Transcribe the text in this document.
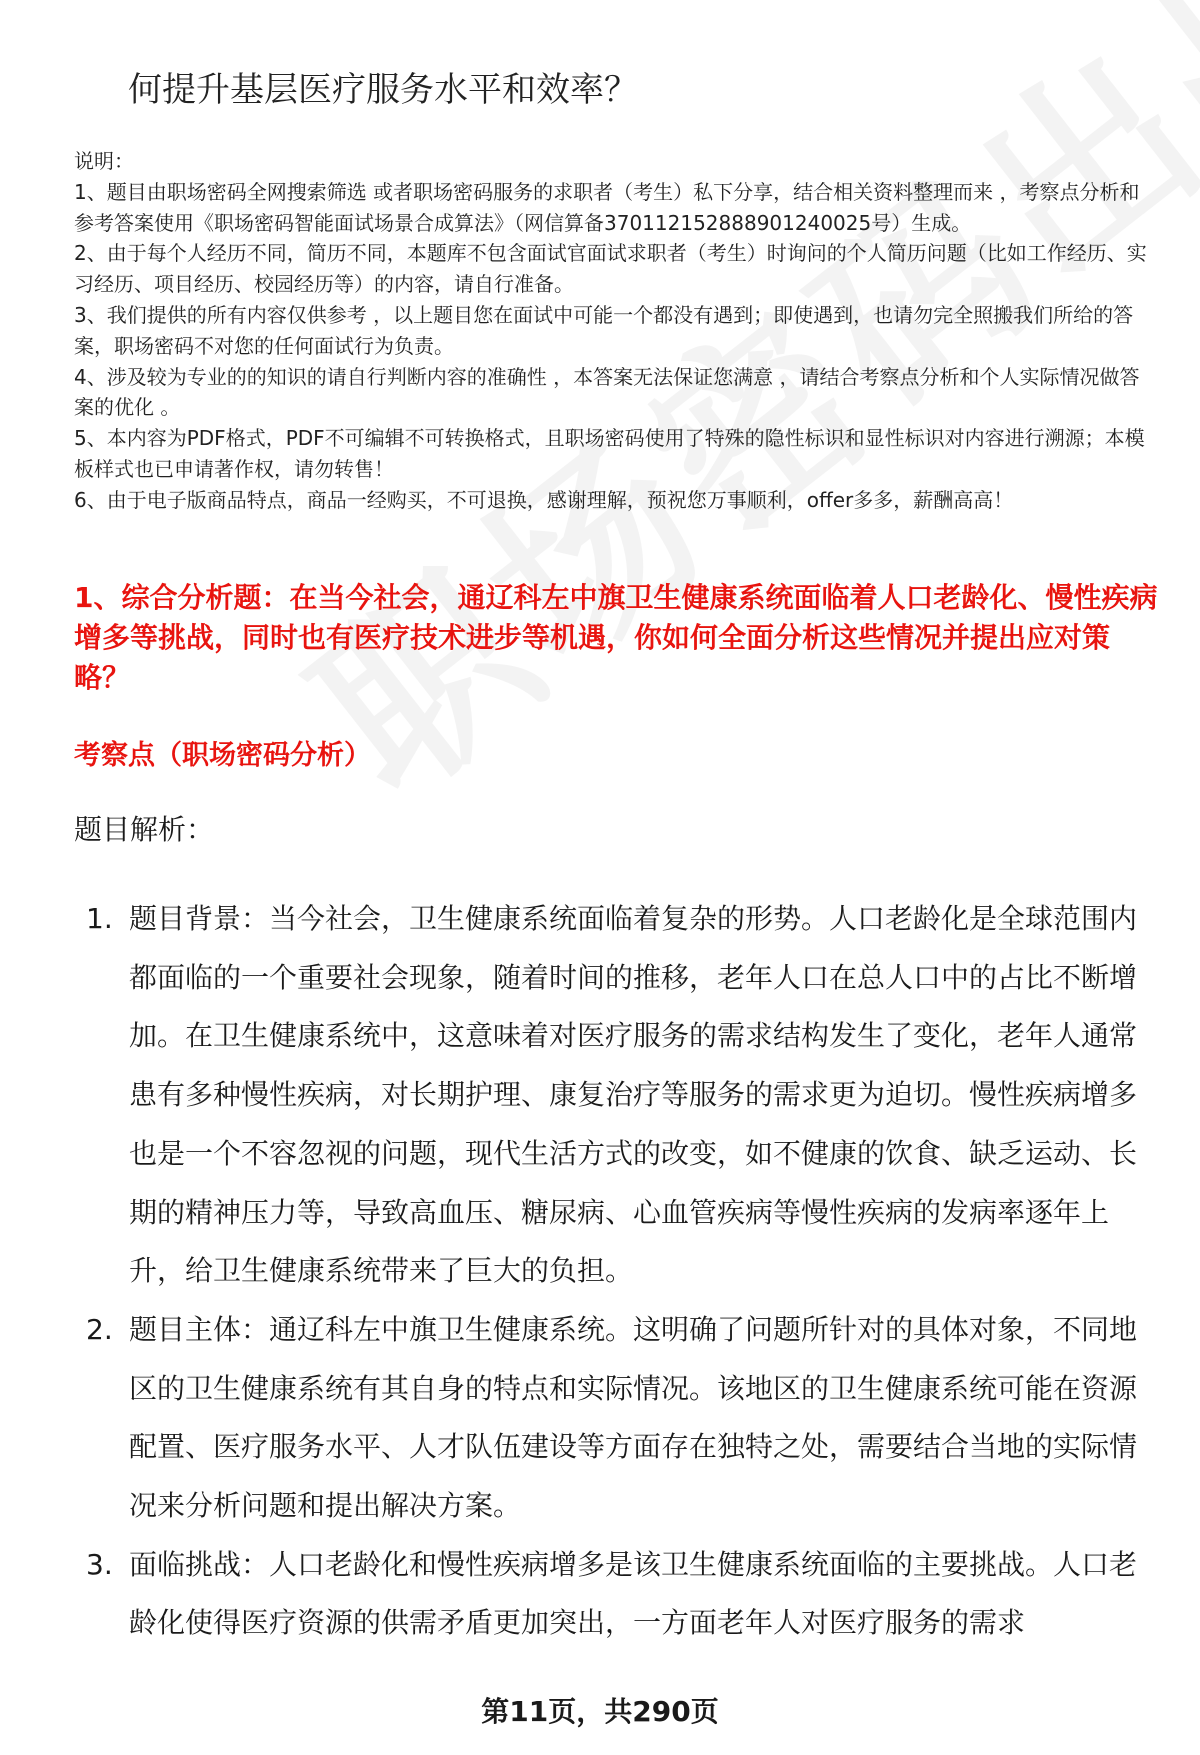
何提升基层医疗服务水平和效率？

说明：

1、题目由职场密码全网搜索筛选 或者职场密码服务的求职者（考生）私下分享，结合相关资料整理而来 ，考察点分析和参考答案使用《职场密码智能面试场景合成算法》（网信算备370112152888901240025号）生成。

2、由于每个人经历不同，简历不同，本题库不包含面试官面试求职者（考生）时询问的个人简历问题（比如工作经历、实习经历、项目经历、校园经历等）的内容，请自行准备。

3、我们提供的所有内容仅供参考 ，以上题目您在面试中可能一个都没有遇到；即使遇到，也请勿完全照搬我们所给的答案，职场密码不对您的任何面试行为负责。

4、涉及较为专业的的知识的请自行判断内容的准确性 ，本答案无法保证您满意 ，请结合考察点分析和个人实际情况做答案的优化 。

5、本内容为PDF格式，PDF不可编辑不可转换格式，且职场密码使用了特殊的隐性标识和显性标识对内容进行溯源；本模板样式也已申请著作权，请勿转售！

6、由于电子版商品特点，商品一经购买，不可退换，感谢理解，预祝您万事顺利，offer多多，薪酬高高！

1、综合分析题：在当今社会，通辽科左中旗卫生健康系统面临着人口老龄化、慢性疾病增多等挑战，同时也有医疗技术进步等机遇，你如何全面分析这些情况并提出应对策略？

考察点（职场密码分析）

题目解析：

1. 题目背景：当今社会，卫生健康系统面临着复杂的形势。人口老龄化是全球范围内都面临的一个重要社会现象，随着时间的推移，老年人口在总人口中的占比不断增加。在卫生健康系统中，这意味着对医疗服务的需求结构发生了变化，老年人通常患有多种慢性疾病，对长期护理、康复治疗等服务的需求更为迫切。慢性疾病增多也是一个不容忽视的问题，现代生活方式的改变，如不健康的饮食、缺乏运动、长期的精神压力等，导致高血压、糖尿病、心血管疾病等慢性疾病的发病率逐年上升，给卫生健康系统带来了巨大的负担。
2. 题目主体：通辽科左中旗卫生健康系统。这明确了问题所针对的具体对象，不同地区的卫生健康系统有其自身的特点和实际情况。该地区的卫生健康系统可能在资源配置、医疗服务水平、人才队伍建设等方面存在独特之处，需要结合当地的实际情况来分析问题和提出解决方案。
3. 面临挑战：人口老龄化和慢性疾病增多是该卫生健康系统面临的主要挑战。人口老龄化使得医疗资源的供需矛盾更加突出，一方面老年人对医疗服务的需求
第11页，共290页
